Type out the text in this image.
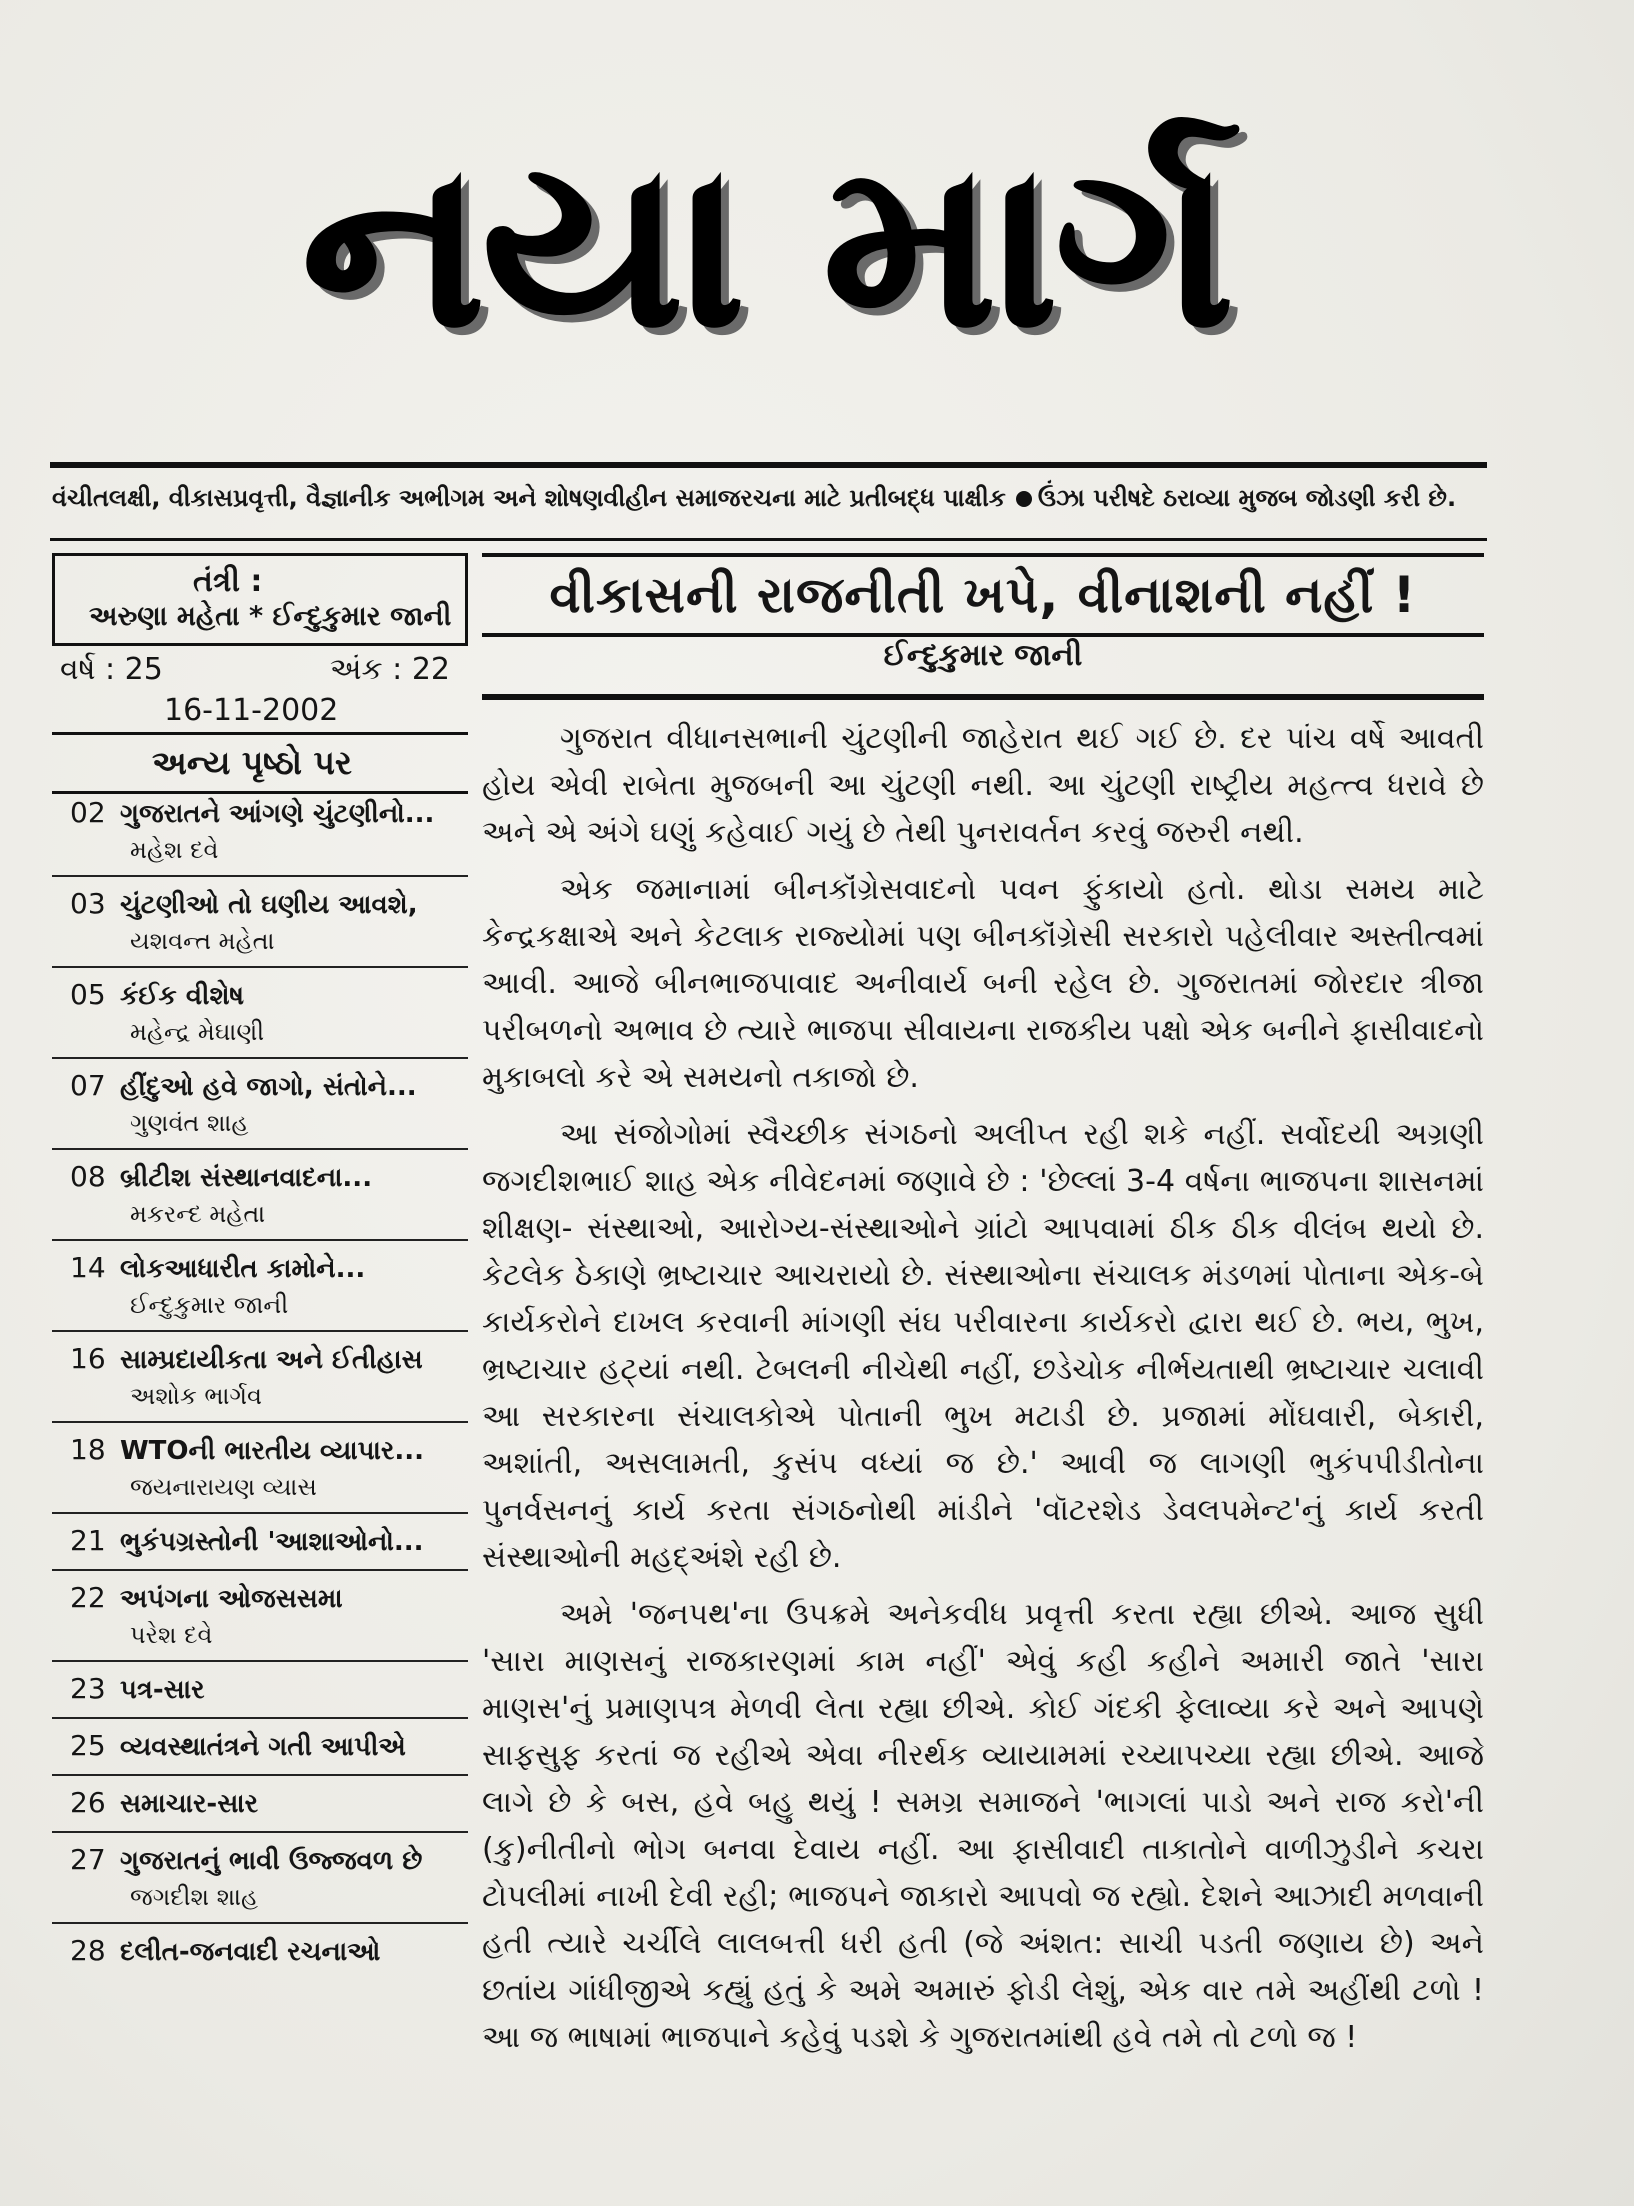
નયા માર્ગ
વંચીતલક્ષી, વીકાસપ્રવૃત્તી, વૈજ્ઞાનીક અભીગમ અને શોષણવીહીન સમાજરચના માટે પ્રતીબદ્ધ પાક્ષીક ઉંઝા પરીષદે ઠરાવ્યા મુજબ જોડણી કરી છે.
તંત્રી :
અરુણા મહેતા * ઈન્દુકુમાર જાની
વર્ષ : 25	અંક : 22
16-11-2002
અન્ય પૃષ્ઠો પર
02 ગુજરાતને આંગણે ચુંટણીનો...
મહેશ દવે
03 ચુંટણીઓ તો ઘણીય આવશે,
યશવન્ત મહેતા
05 કંઈક વીશેષ
મહેન્દ્ર મેઘાણી
07 હીંદુઓ હવે જાગો, સંતોને...
ગુણવંત શાહ
08 બ્રીટીશ સંસ્થાનવાદના...
મકરન્દ મહેતા
14 લોકઆધારીત કામોને...
ઈન્દુકુમાર જાની
16 સામ્પ્રદાયીકતા અને ઈતીહાસ
અશોક ભાર્ગવ
18 WTOની ભારતીય વ્યાપાર...
જયનારાયણ વ્યાસ
21 ભુકંપગ્રસ્તોની 'આશાઓનો...
22 અપંગના ઓજસસમા
પરેશ દવે
23 પત્ર-સાર
25 વ્યવસ્થાતંત્રને ગતી આપીએ
26 સમાચાર-સાર
27 ગુજરાતનું ભાવી ઉજ્જવળ છે
જગદીશ શાહ
28 દલીત-જનવાદી રચનાઓ
વીકાસની રાજનીતી ખપે, વીનાશની નહીં !
ઈન્દુકુમાર જાની

ગુજરાત વીધાનસભાની ચુંટણીની જાહેરાત થઈ ગઈ છે. દર પાંચ વર્ષે આવતી હોય એવી રાબેતા મુજબની આ ચુંટણી નથી. આ ચુંટણી રાષ્ટ્રીય મહત્ત્વ ધરાવે છે અને એ અંગે ઘણું કહેવાઈ ગયું છે તેથી પુનરાવર્તન કરવું જરુરી નથી.

એક જમાનામાં બીનકૉંગ્રેસવાદનો પવન ફુંકાયો હતો. થોડા સમય માટે કેન્દ્રકક્ષાએ અને કેટલાક રાજ્યોમાં પણ બીનકૉંગ્રેસી સરકારો પહેલીવાર અસ્તીત્વમાં આવી. આજે બીનભાજપાવાદ અનીવાર્ય બની રહેલ છે. ગુજરાતમાં જોરદાર ત્રીજા પરીબળનો અભાવ છે ત્યારે ભાજપા સીવાયના રાજકીય પક્ષો એક બનીને ફાસીવાદનો મુકાબલો કરે એ સમયનો તકાજો છે.

આ સંજોગોમાં સ્વૈચ્છીક સંગઠનો અલીપ્ત રહી શકે નહીં. સર્વોદયી અગ્રણી જગદીશભાઈ શાહ એક નીવેદનમાં જણાવે છે : 'છેલ્લાં 3-4 વર્ષના ભાજપના શાસનમાં શીક્ષણ- સંસ્થાઓ, આરોગ્ય-સંસ્થાઓને ગ્રાંટો આપવામાં ઠીક ઠીક વીલંબ થયો છે. કેટલેક ઠેકાણે ભ્રષ્ટાચાર આચરાયો છે. સંસ્થાઓના સંચાલક મંડળમાં પોતાના એક-બે કાર્યકરોને દાખલ કરવાની માંગણી સંઘ પરીવારના કાર્યકરો દ્વારા થઈ છે. ભય, ભુખ, ભ્રષ્ટાચાર હટ્યાં નથી. ટેબલની નીચેથી નહીં, છડેચોક નીર્ભયતાથી ભ્રષ્ટાચાર ચલાવી આ સરકારના સંચાલકોએ પોતાની ભુખ મટાડી છે. પ્રજામાં મોંઘવારી, બેકારી, અશાંતી, અસલામતી, કુસંપ વધ્યાં જ છે.' આવી જ લાગણી ભુકંપપીડીતોના પુનર્વસનનું કાર્ય કરતા સંગઠનોથી માંડીને 'વૉટરશેડ ડેવલપમેન્ટ'નું કાર્ય કરતી સંસ્થાઓની મહદ્અંશે રહી છે.

અમે 'જનપથ'ના ઉપક્રમે અનેકવીધ પ્રવૃત્તી કરતા રહ્યા છીએ. આજ સુધી 'સારા માણસનું રાજકારણમાં કામ નહીં' એવું કહી કહીને અમારી જાતે 'સારા માણસ'નું પ્રમાણપત્ર મેળવી લેતા રહ્યા છીએ. કોઈ ગંદકી ફેલાવ્યા કરે અને આપણે સાફસુફ કરતાં જ રહીએ એવા નીરર્થક વ્યાયામમાં રચ્યાપચ્યા રહ્યા છીએ. આજે લાગે છે કે બસ, હવે બહુ થયું ! સમગ્ર સમાજને 'ભાગલાં પાડો અને રાજ કરો'ની (કુ)નીતીનો ભોગ બનવા દેવાય નહીં. આ ફાસીવાદી તાકાતોને વાળીઝુડીને કચરા ટોપલીમાં નાખી દેવી રહી; ભાજપને જાકારો આપવો જ રહ્યો. દેશને આઝાદી મળવાની હતી ત્યારે ચર્ચીલે લાલબત્તી ધરી હતી (જે અંશત: સાચી પડતી જણાય છે) અને છતાંય ગાંધીજીએ કહ્યું હતું કે અમે અમારું ફોડી લેશું, એક વાર તમે અહીંથી ટળો ! આ જ ભાષામાં ભાજપાને કહેવું પડશે કે ગુજરાતમાંથી હવે તમે તો ટળો જ !
